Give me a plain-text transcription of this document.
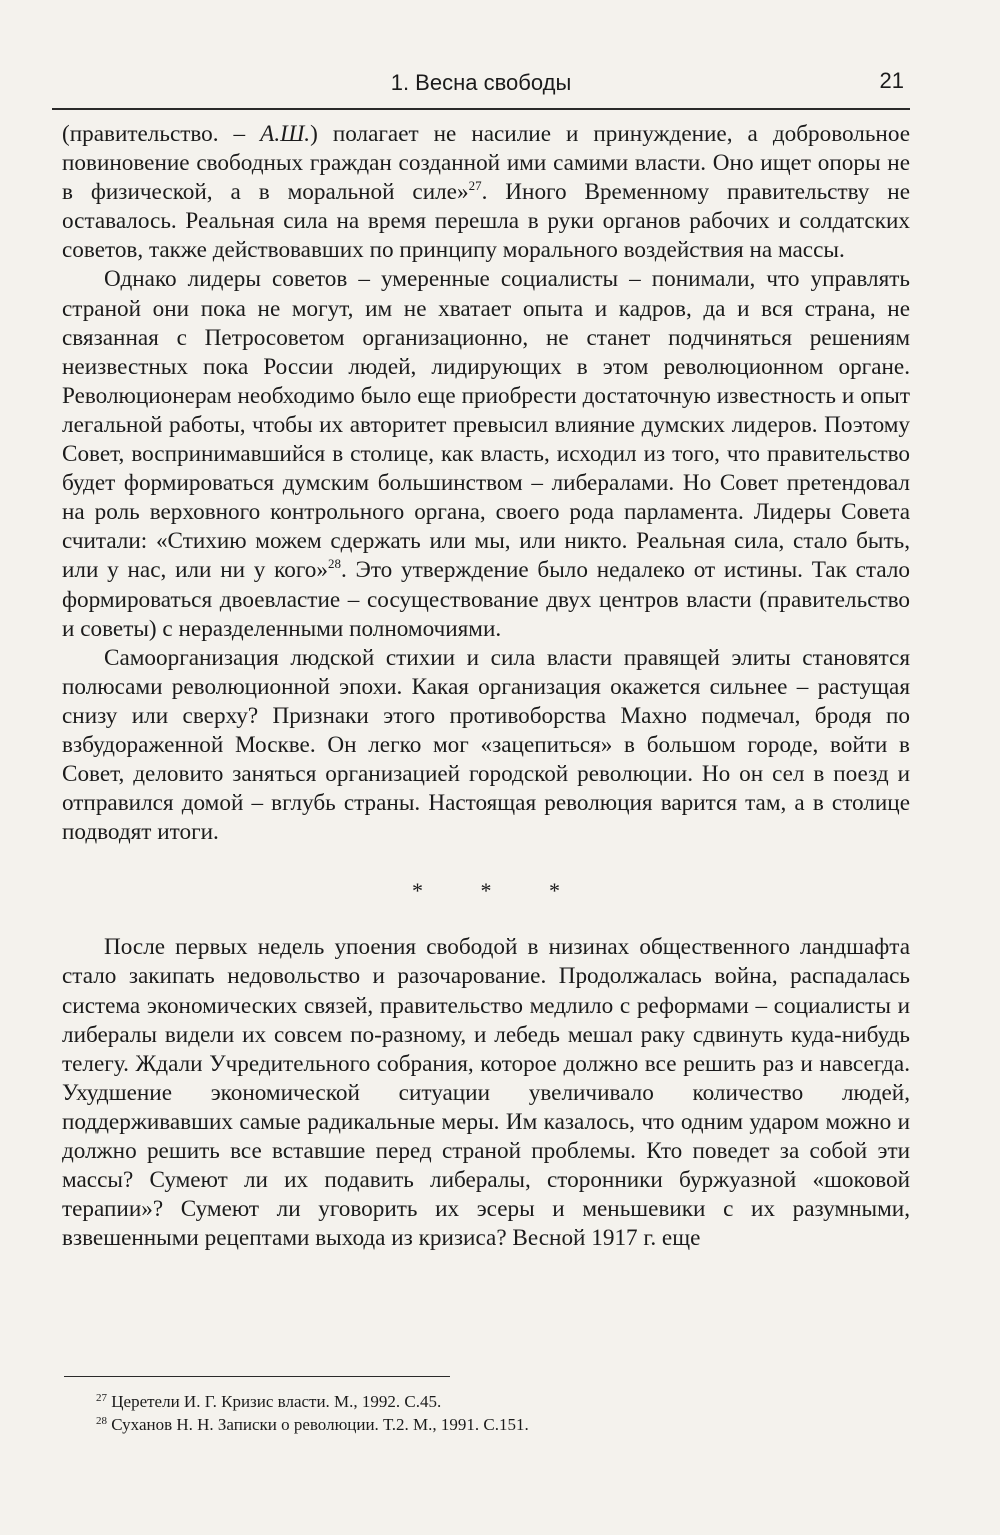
1. Весна свободы	21

(правительство. – А.Ш.) полагает не насилие и принуждение, а добровольное повиновение свободных граждан созданной ими самими власти. Оно ищет опоры не в физической, а в моральной силе»$^{27}$. Иного Временному правительству не оставалось. Реальная сила на время перешла в руки органов рабочих и солдатских советов, также действовавших по принципу морального воздействия на массы.

Однако лидеры советов – умеренные социалисты – понимали, что управлять страной они пока не могут, им не хватает опыта и кадров, да и вся страна, не связанная с Петросоветом организационно, не станет подчиняться решениям неизвестных пока России людей, лидирующих в этом революционном органе. Революционерам необходимо было еще приобрести достаточную известность и опыт легальной работы, чтобы их авторитет превысил влияние думских лидеров. Поэтому Совет, воспринимавшийся в столице, как власть, исходил из того, что правительство будет формироваться думским большинством – либералами. Но Совет претендовал на роль верховного контрольного органа, своего рода парламента. Лидеры Совета считали: «Стихию можем сдержать или мы, или никто. Реальная сила, стало быть, или у нас, или ни у кого»$^{28}$. Это утверждение было недалеко от истины. Так стало формироваться двоевластие – сосуществование двух центров власти (правительство и советы) с неразделенными полномочиями.

Самоорганизация людской стихии и сила власти правящей элиты становятся полюсами революционной эпохи. Какая организация окажется сильнее – растущая снизу или сверху? Признаки этого противоборства Махно подмечал, бродя по взбудораженной Москве. Он легко мог «зацепиться» в большом городе, войти в Совет, деловито заняться организацией городской революции. Но он сел в поезд и отправился домой – вглубь страны. Настоящая революция варится там, а в столице подводят итоги.

* * *

После первых недель упоения свободой в низинах общественного ландшафта стало закипать недовольство и разочарование. Продолжалась война, распадалась система экономических связей, правительство медлило с реформами – социалисты и либералы видели их совсем по-разному, и лебедь мешал раку сдвинуть куда-нибудь телегу. Ждали Учредительного собрания, которое должно все решить раз и навсегда. Ухудшение экономической ситуации увеличивало количество людей, поддерживавших самые радикальные меры. Им казалось, что одним ударом можно и должно решить все вставшие перед страной проблемы. Кто поведет за собой эти массы? Сумеют ли их подавить либералы, сторонники буржуазной «шоковой терапии»? Сумеют ли уговорить их эсеры и меньшевики с их разумными, взвешенными рецептами выхода из кризиса? Весной 1917 г. еще

$^{27}$ Церетели И. Г. Кризис власти. М., 1992. С.45.

$^{28}$ Суханов Н. Н. Записки о революции. Т.2. М., 1991. С.151.
